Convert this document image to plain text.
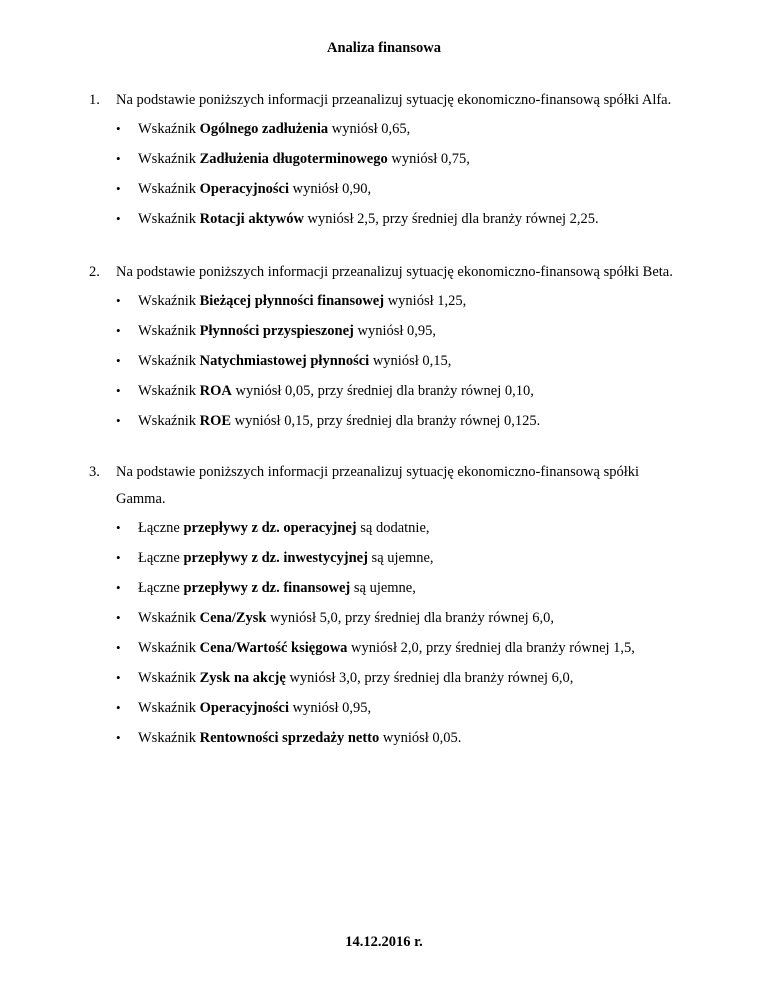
Analiza finansowa
1. Na podstawie poniższych informacji przeanalizuj sytuację ekonomiczno-finansową spółki Alfa.
• Wskaźnik Ogólnego zadłużenia wyniósł 0,65,
• Wskaźnik Zadłużenia długoterminowego wyniósł 0,75,
• Wskaźnik Operacyjności wyniósł 0,90,
• Wskaźnik Rotacji aktywów wyniósł 2,5, przy średniej dla branży równej 2,25.
2. Na podstawie poniższych informacji przeanalizuj sytuację ekonomiczno-finansową spółki Beta.
• Wskaźnik Bieżącej płynności finansowej wyniósł 1,25,
• Wskaźnik Płynności przyspieszonej wyniósł 0,95,
• Wskaźnik Natychmiastowej płynności wyniósł 0,15,
• Wskaźnik ROA wyniósł 0,05, przy średniej dla branży równej 0,10,
• Wskaźnik ROE wyniósł 0,15, przy średniej dla branży równej 0,125.
3. Na podstawie poniższych informacji przeanalizuj sytuację ekonomiczno-finansową spółki Gamma.
• Łączne przepływy z dz. operacyjnej są dodatnie,
• Łączne przepływy z dz. inwestycyjnej są ujemne,
• Łączne przepływy z dz. finansowej są ujemne,
• Wskaźnik Cena/Zysk wyniósł 5,0, przy średniej dla branży równej 6,0,
• Wskaźnik Cena/Wartość księgowa wyniósł 2,0, przy średniej dla branży równej 1,5,
• Wskaźnik Zysk na akcję wyniósł 3,0, przy średniej dla branży równej 6,0,
• Wskaźnik Operacyjności wyniósł 0,95,
• Wskaźnik Rentowności sprzedaży netto wyniósł 0,05.
14.12.2016 r.
